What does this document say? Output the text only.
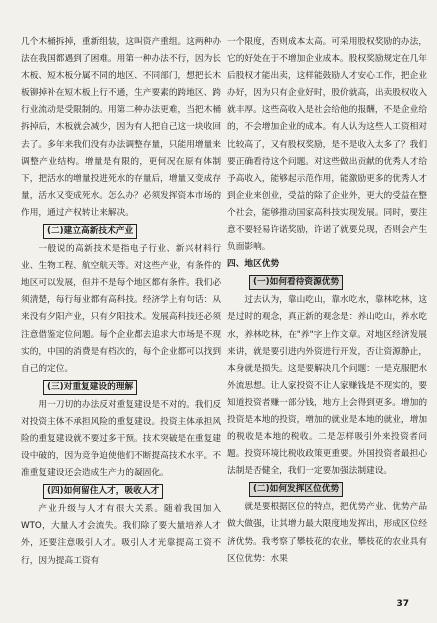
几个木桶拆掉，重新组装，这叫资产重组。这两种办法在我国都遇到了困难。用第一种办法不行，因为长木板、短木板分属不同的地区、不同部门，想把长木板铆掉补在短木板上行不通，生产要素的跨地区、跨行业流动是受限制的。用第二种办法更难，当把木桶拆掉后，木板就会减少，因为有人把自己这一块收回去了。多年来我们没有办法调整存量，只能用增量来调整产业结构。增量是有限的，更何况在原有体制下，把活水的增量投进死水的存量后，增量又变成存量，活水又变成死水。怎么办？必须发挥资本市场的作用，通过产权转让来解决。

(二)建立高新技术产业

一般说的高新技术是指电子行业、新兴材料行业、生物工程、航空航天等。对这些产业，有条件的地区可以发展，但并不是每个地区都有条件。我们必须清楚，每行每业都有高科技。经济学上有句话：从来没有夕阳产业，只有夕阳技术。发展高科技还必须注意借鉴定位问题。每个企业都去追求大市场是不现实的，中国的消费是有档次的，每个企业都可以找到自己的定位。

(三)对重复建设的理解

用一刀切的办法反对重复建设是不对的。我们反对投资主体不承担风险的重复建设。投资主体承担风险的重复建设就不要过多干预。技术突破是在重复建设中破的，因为竞争迫使他们不断提高技术水平。不准重复建设还会造成生产力的凝固化。

(四)如何留住人才，吸收人才

产业升级与人才有很大关系。随着我国加入WTO，大量人才会流失。我们除了要大量培养人才外，还要注意吸引人才。吸引人才光靠提高工资不行，因为提高工资有

一个限度，否则成本太高。可采用股权奖励的办法，它的好处在于不增加企业成本。股权奖励规定在几年后股权才能出卖，这样能鼓励人才安心工作，把企业办好，因为只有企业好时，股价就高，出卖股权收入就丰厚。这些高收入是社会给他的报酬，不是企业给的，不会增加企业的成本。有人认为这些人工资相对比较高了，又有股权奖励，是不是收入太多了？我们要正确看待这个问题。对这些做出贡献的优秀人才给予高收入，能够起示范作用，能激励更多的优秀人才到企业来创业，受益的除了企业外，更大的受益在整个社会，能够推动国家高科技实现发展。同时，要注意不要轻易许诺奖励，许诺了就要兑现，否则会产生负面影响。

四、地区优势

(一)如何看待资源优势

过去认为，靠山吃山，靠水吃水，靠林吃林，这是过时的观念，真正新的观念是：养山吃山，养水吃水，养林吃林，在"养"字上作文章。对地区经济发展来讲，就是要引进内外资进行开发，否让资源静止，本身就是损失。这是要解决几个问题：一是克服肥水外流思想。让人家投资不让人家赚钱是不现实的，要知道投资者赚一部分钱，地方上会得到更多。增加的投资是本地的投资，增加的就业是本地的就业，增加的税收是本地的税收。二是怎样吸引外来投资者问题。投资环境比税收政策更重要。外国投资者最担心法制是否健全，我们一定要加强法制建设。

(二)如何发挥区位优势

就是要根据区位的特点，把优势产业、优势产品做大做强，让其增力最大限度地发挥出，形成区位经济优势。我考察了攀枝花的农业，攀枝花的农业具有区位优势：水果

37
